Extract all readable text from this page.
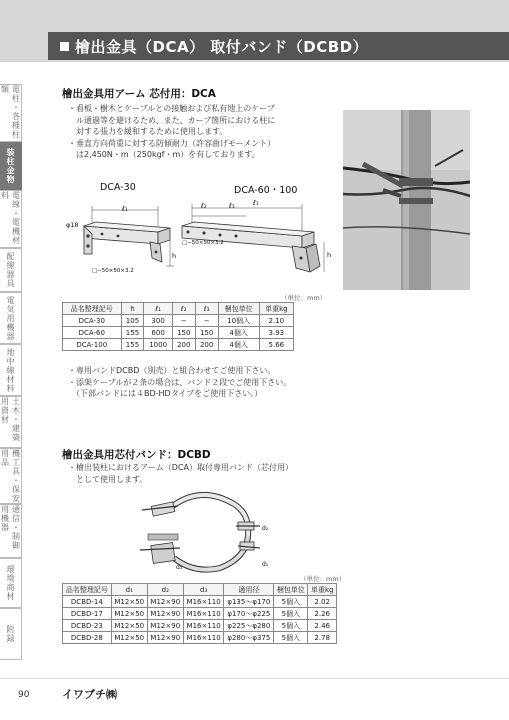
檜出金具（DCA） 取付バンド（DCBD）
電柱・各種柱類
装柱金物
電線・電機材料
配線器具
電気用機器
地中線材料
土木・建築用資材
機工具・保安用品
通信・制御用機器
環境商材
附録
檜出金具用アーム 芯付用：DCA
・看板・樹木とケーブルとの接触および私有地上のケーブ
　ル通過等を避けるため、また、カーブ箇所における柱に
　対する張力を緩和するために使用します。
・垂直方向荷重に対する防傾耐力（許容曲げモーメント）
　は2,450N・m（250kgf・m）を有しております。
DCA-30	DCA-60・100
φ18
ℓ₁
h
□−50×50×3.2
ℓ₂	ℓ₃	ℓ₁
h
□−50×50×3.2
（単位：mm）
品名整理記号	h	ℓ₁	ℓ₂	ℓ₃	梱包単位	単重kg
DCA-30	105	300	−	−	10個入	2.10
DCA-60	155	600	150	150	4個入	3.93
DCA-100	155	1000	200	200	4個入	5.66
・専用バンドDCBD（別売）と組合わせてご使用下さい。
・添架ケーブルが２条の場合は、バンド２段でご使用下さい。
　（下部バンドには４BD-HDタイプをご使用下さい。）
檜出金具用芯付バンド：DCBD
・檜出装柱におけるアーム（DCA）取付専用バンド（芯付用）
　として使用します。
d₂
d₁
d₃
（単位：mm）
品名整理記号	d₁	d₂	d₃	適用径	梱包単位	単重kg
DCBD-14	M12×50	M12×90	M16×110	φ135〜φ170	5個入	2.02
DCBD-17	M12×50	M12×90	M16×110	φ170〜φ225	5個入	2.26
DCBD-23	M12×50	M12×90	M16×110	φ225〜φ280	5個入	2.46
DCBD-28	M12×50	M12×90	M16×110	φ280〜φ375	5個入	2.78
90	イワブチ㈱
